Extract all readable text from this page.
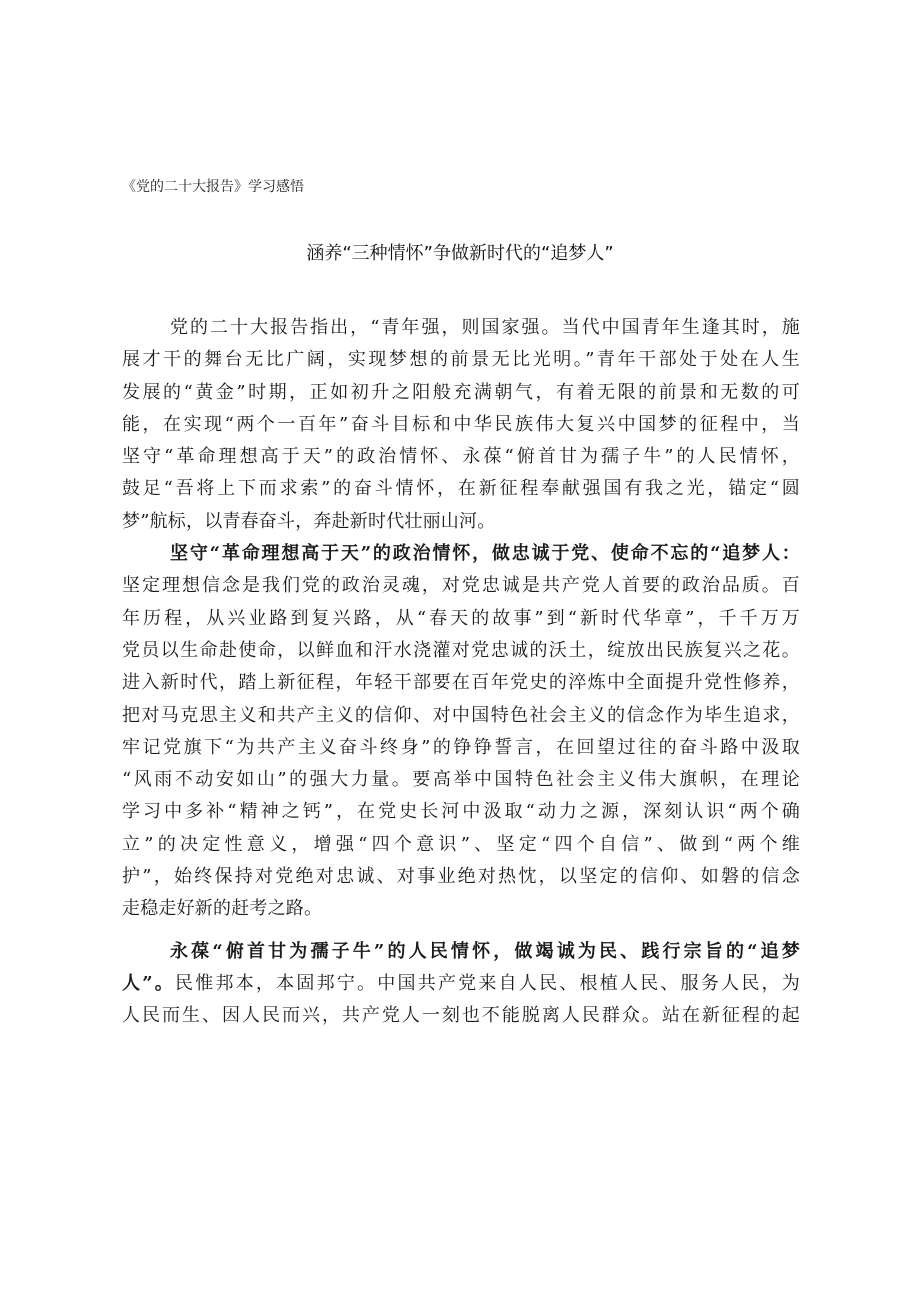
《党的二十大报告》学习感悟
涵养“三种情怀”争做新时代的“追梦人”
党的二十大报告指出，“青年强，则国家强。当代中国青年生逢其时，施
展才干的舞台无比广阔，实现梦想的前景无比光明。”青年干部处于处在人生
发展的“黄金”时期，正如初升之阳般充满朝气，有着无限的前景和无数的可
能，在实现“两个一百年”奋斗目标和中华民族伟大复兴中国梦的征程中，当
坚守“革命理想高于天”的政治情怀、永葆“俯首甘为孺子牛”的人民情怀，
鼓足“吾将上下而求索”的奋斗情怀，在新征程奉献强国有我之光，锚定“圆
梦”航标，以青春奋斗，奔赴新时代壮丽山河。
坚守“革命理想高于天”的政治情怀，做忠诚于党、使命不忘的“追梦人：
坚定理想信念是我们党的政治灵魂，对党忠诚是共产党人首要的政治品质。百
年历程，从兴业路到复兴路，从“春天的故事”到“新时代华章”，千千万万
党员以生命赴使命，以鲜血和汗水浇灌对党忠诚的沃土，绽放出民族复兴之花。
进入新时代，踏上新征程，年轻干部要在百年党史的淬炼中全面提升党性修养，
把对马克思主义和共产主义的信仰、对中国特色社会主义的信念作为毕生追求，
牢记党旗下“为共产主义奋斗终身”的铮铮誓言，在回望过往的奋斗路中汲取
“风雨不动安如山”的强大力量。要高举中国特色社会主义伟大旗帜，在理论
学习中多补“精神之钙”，在党史长河中汲取“动力之源，深刻认识“两个确
立”的决定性意义，增强“四个意识”、坚定“四个自信”、做到“两个维
护”，始终保持对党绝对忠诚、对事业绝对热忱，以坚定的信仰、如磐的信念
走稳走好新的赶考之路。
永葆“俯首甘为孺子牛”的人民情怀，做竭诚为民、践行宗旨的“追梦
人”。民惟邦本，本固邦宁。中国共产党来自人民、根植人民、服务人民，为
人民而生、因人民而兴，共产党人一刻也不能脱离人民群众。站在新征程的起
